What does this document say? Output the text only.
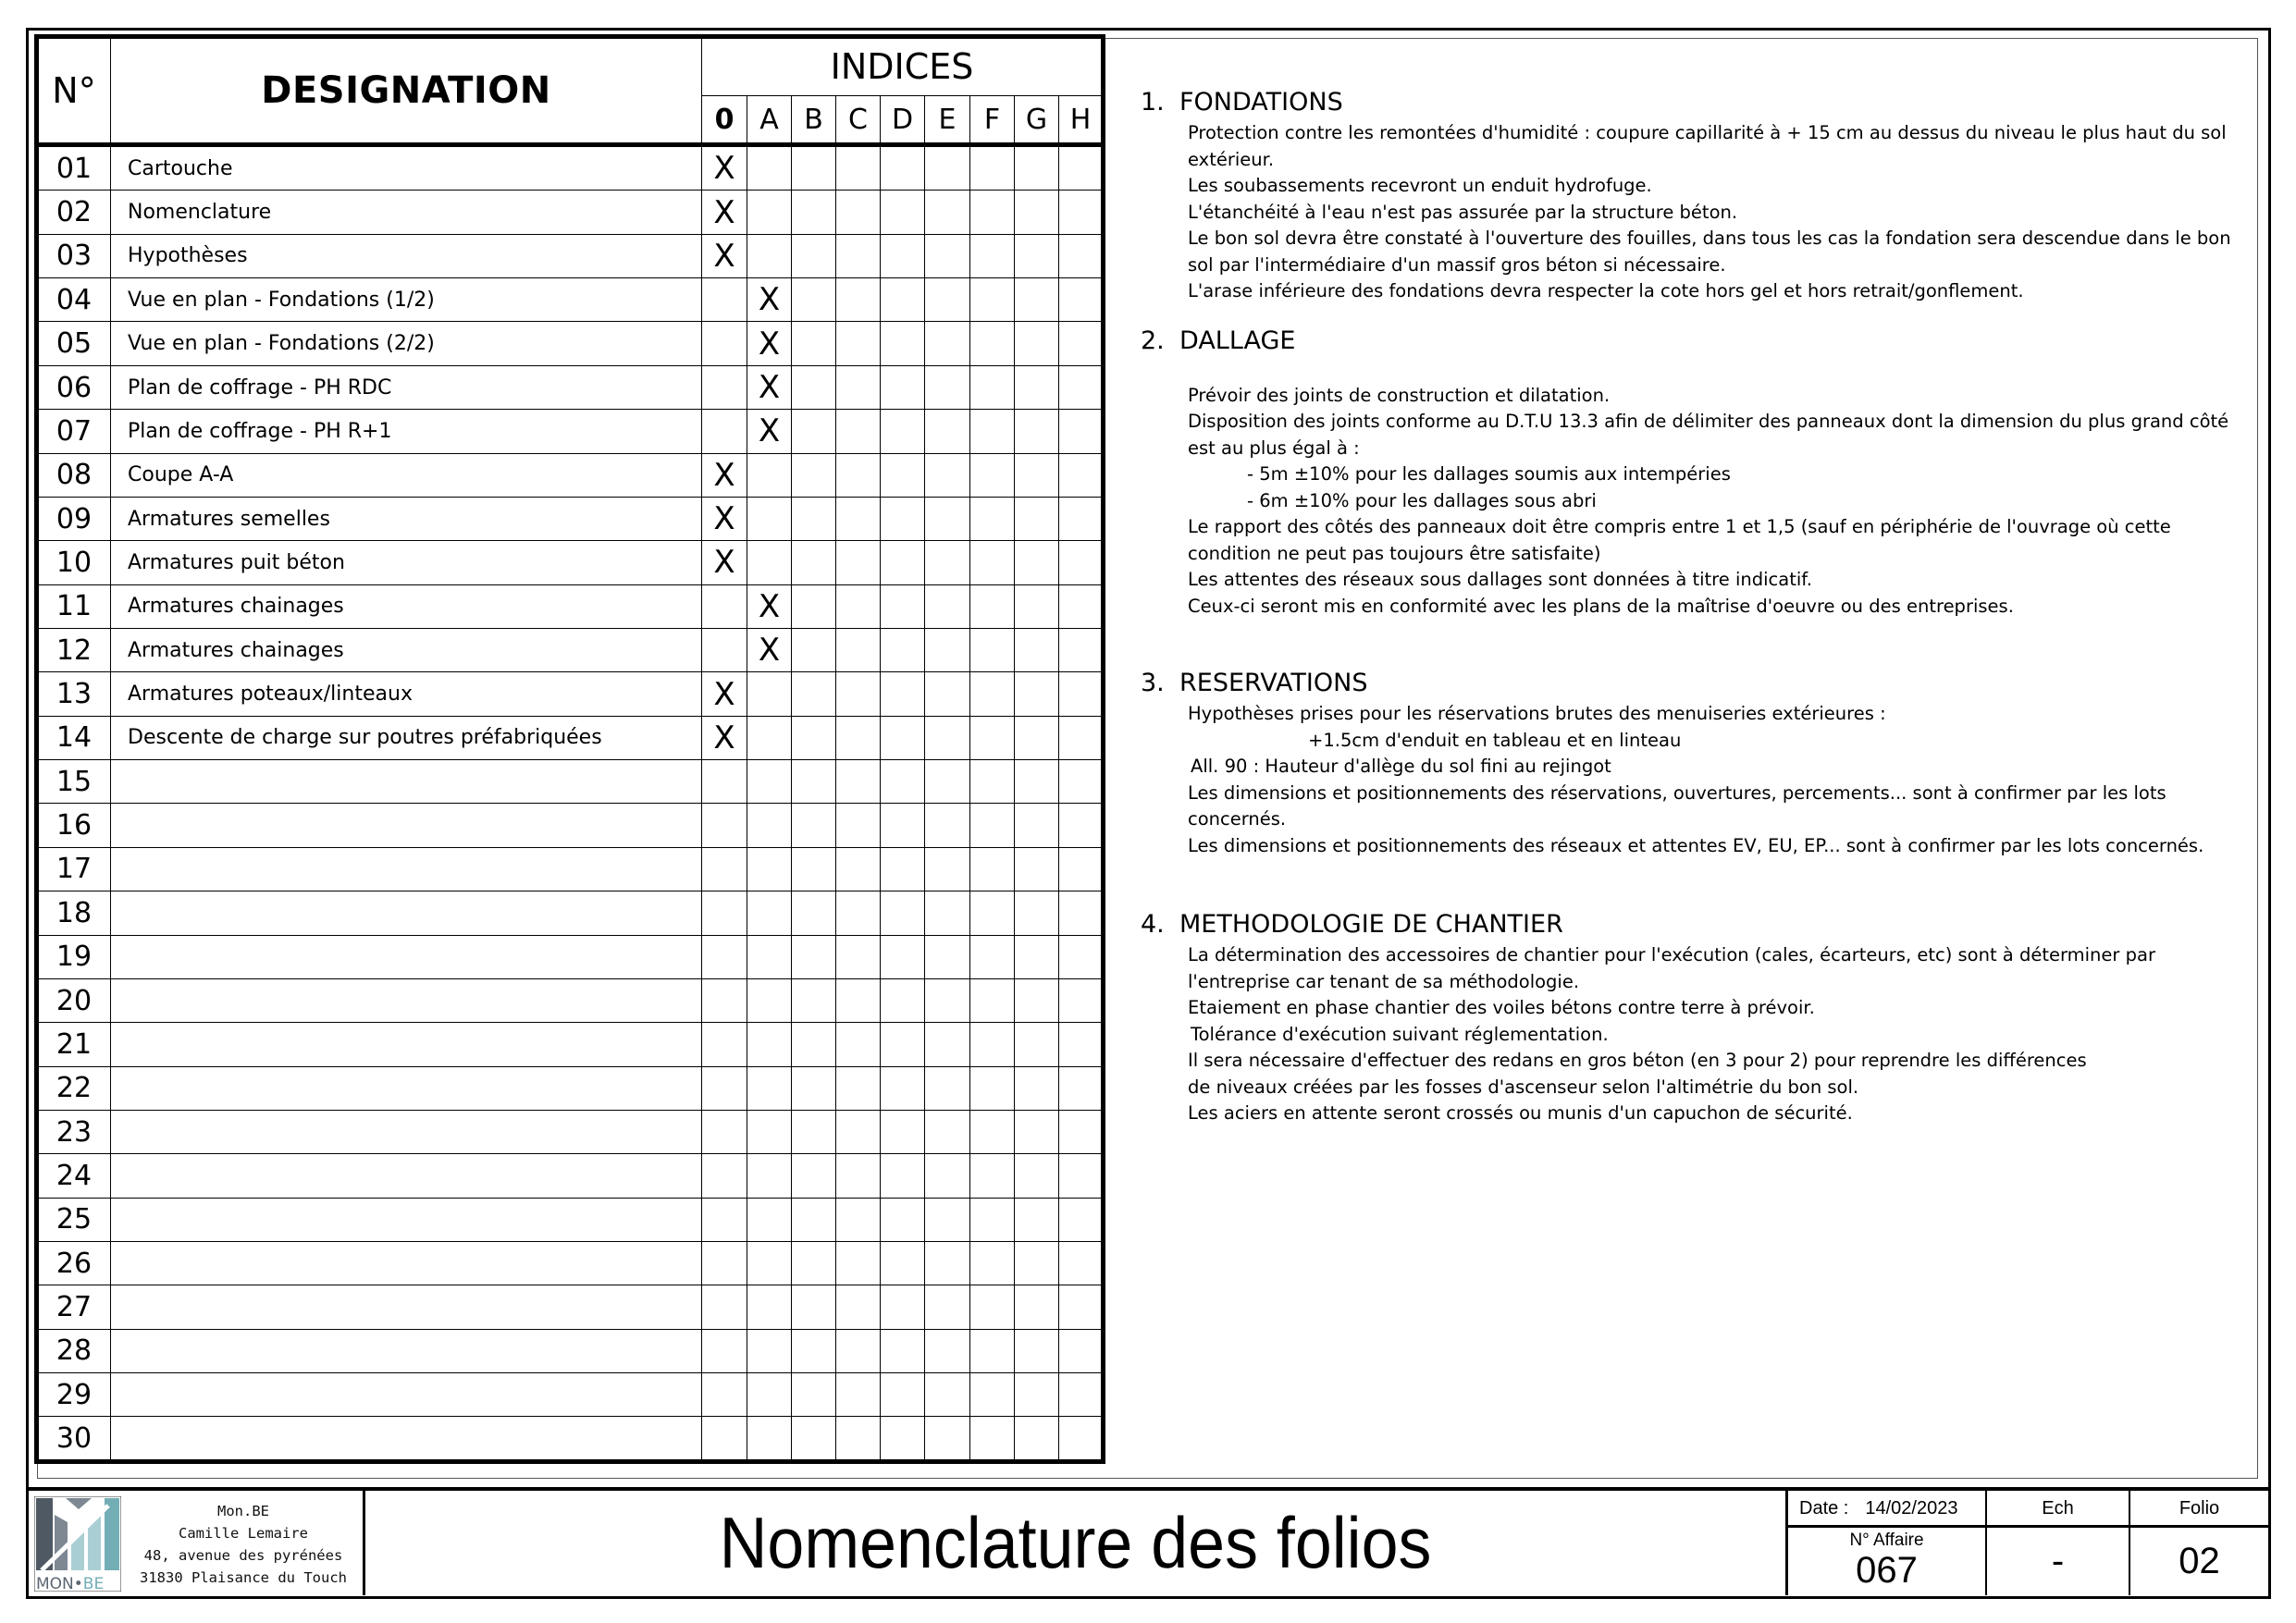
N°	DESIGNATION	INDICES								
		0	A	B	C	D	E	F	G	H
01	Cartouche	X								
02	Nomenclature	X								
03	Hypothèses	X								
04	Vue en plan - Fondations (1/2)		X							
05	Vue en plan - Fondations (2/2)		X							
06	Plan de coffrage - PH RDC		X							
07	Plan de coffrage - PH R+1		X							
08	Coupe A-A	X								
09	Armatures semelles	X								
10	Armatures puit béton	X								
11	Armatures chainages		X							
12	Armatures chainages		X							
13	Armatures poteaux/linteaux	X								
14	Descente de charge sur poutres préfabriquées	X								
15										
16										
17										
18										
19										
20										
21										
22										
23										
24										
25										
26										
27										
28										
29										
30										
1. FONDATIONS

Protection contre les remontées d'humidité : coupure capillarité à + 15 cm au dessus du niveau le plus haut du sol extérieur.

Les soubassements recevront un enduit hydrofuge.

L'étanchéité à l'eau n'est pas assurée par la structure béton.

Le bon sol devra être constaté à l'ouverture des fouilles, dans tous les cas la fondation sera descendue dans le bon sol par l'intermédiaire d'un massif gros béton si nécessaire.

L'arase inférieure des fondations devra respecter la cote hors gel et hors retrait/gonflement.

2. DALLAGE

Prévoir des joints de construction et dilatation.

Disposition des joints conforme au D.T.U 13.3 afin de délimiter des panneaux dont la dimension du plus grand côté est au plus égal à :

- 5m ±10% pour les dallages soumis aux intempéries

- 6m ±10% pour les dallages sous abri

Le rapport des côtés des panneaux doit être compris entre 1 et 1,5 (sauf en périphérie de l'ouvrage où cette condition ne peut pas toujours être satisfaite)

Les attentes des réseaux sous dallages sont données à titre indicatif.

Ceux-ci seront mis en conformité avec les plans de la maîtrise d'oeuvre ou des entreprises.

3. RESERVATIONS

Hypothèses prises pour les réservations brutes des menuiseries extérieures :

+1.5cm d'enduit en tableau et en linteau

All. 90 : Hauteur d'allège du sol fini au rejingot

Les dimensions et positionnements des réservations, ouvertures, percements... sont à confirmer par les lots concernés.

Les dimensions et positionnements des réseaux et attentes EV, EU, EP... sont à confirmer par les lots concernés.

4. METHODOLOGIE DE CHANTIER

La détermination des accessoires de chantier pour l'exécution (cales, écarteurs, etc) sont à déterminer par l'entreprise car tenant de sa méthodologie.

Etaiement en phase chantier des voiles bétons contre terre à prévoir.

Tolérance d'exécution suivant réglementation.

Il sera nécessaire d'effectuer des redans en gros béton (en 3 pour 2) pour reprendre les différences

de niveaux créées par les fosses d'ascenseur selon l'altimétrie du bon sol.

Les aciers en attente seront crossés ou munis d'un capuchon de sécurité.

MON•BE
Mon.BE
Camille Lemaire
48, avenue des pyrénées
31830 Plaisance du Touch	Nomenclature des folios	Date : 14/02/2023	Ech	Folio
N° Affaire
067	-	02
